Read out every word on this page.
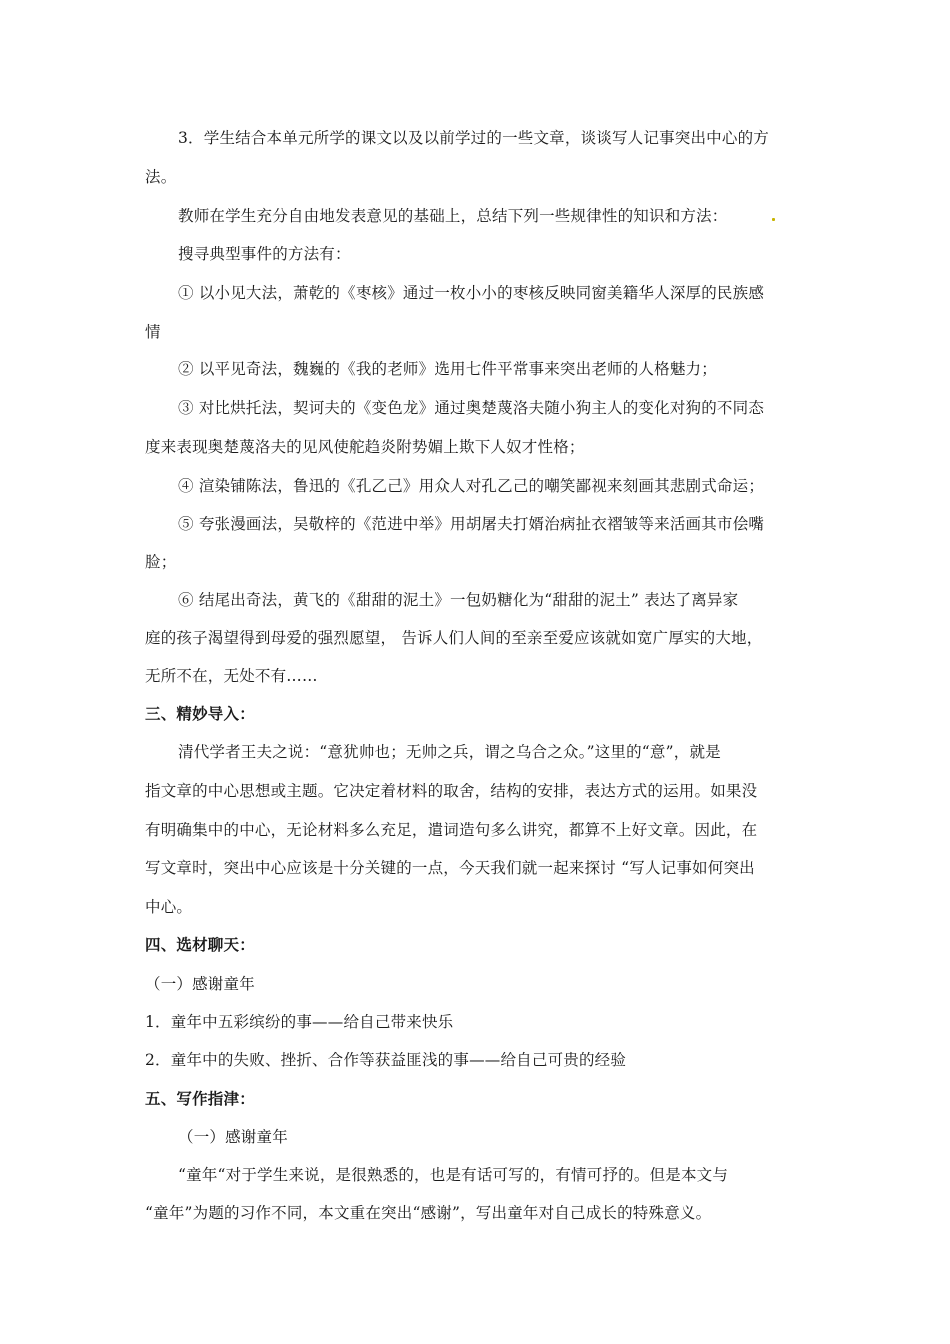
3．学生结合本单元所学的课文以及以前学过的一些文章，谈谈写人记事突出中心的方
法。
教师在学生充分自由地发表意见的基础上，总结下列一些规律性的知识和方法：
搜寻典型事件的方法有：
① 以小见大法，萧乾的《枣核》通过一枚小小的枣核反映同窗美籍华人深厚的民族感
情
② 以平见奇法，魏巍的《我的老师》选用七件平常事来突出老师的人格魅力；
③ 对比烘托法，契诃夫的《变色龙》通过奥楚蔑洛夫随小狗主人的变化对狗的不同态
度来表现奥楚蔑洛夫的见风使舵趋炎附势媚上欺下人奴才性格；
④ 渲染铺陈法，鲁迅的《孔乙己》用众人对孔乙己的嘲笑鄙视来刻画其悲剧式命运；
⑤ 夸张漫画法，吴敬梓的《范进中举》用胡屠夫打婿治病扯衣褶皱等来活画其市侩嘴
脸；
⑥ 结尾出奇法，黄飞的《甜甜的泥土》一包奶糖化为“甜甜的泥土” 表达了离异家
庭的孩子渴望得到母爱的强烈愿望， 告诉人们人间的至亲至爱应该就如宽广厚实的大地，
无所不在，无处不有……
三、精妙导入：
清代学者王夫之说：“意犹帅也；无帅之兵，谓之乌合之众。”这里的“意”，就是
指文章的中心思想或主题。它决定着材料的取舍，结构的安排，表达方式的运用。如果没
有明确集中的中心，无论材料多么充足，遣词造句多么讲究，都算不上好文章。因此，在
写文章时，突出中心应该是十分关键的一点，今天我们就一起来探讨 “写人记事如何突出
中心。
四、选材聊天：
（一）感谢童年
1．童年中五彩缤纷的事——给自己带来快乐
2．童年中的失败、挫折、合作等获益匪浅的事——给自己可贵的经验
五、写作指津：
（一）感谢童年
“童年“对于学生来说，是很熟悉的，也是有话可写的，有情可抒的。但是本文与
“童年”为题的习作不同，本文重在突出“感谢”，写出童年对自己成长的特殊意义。
